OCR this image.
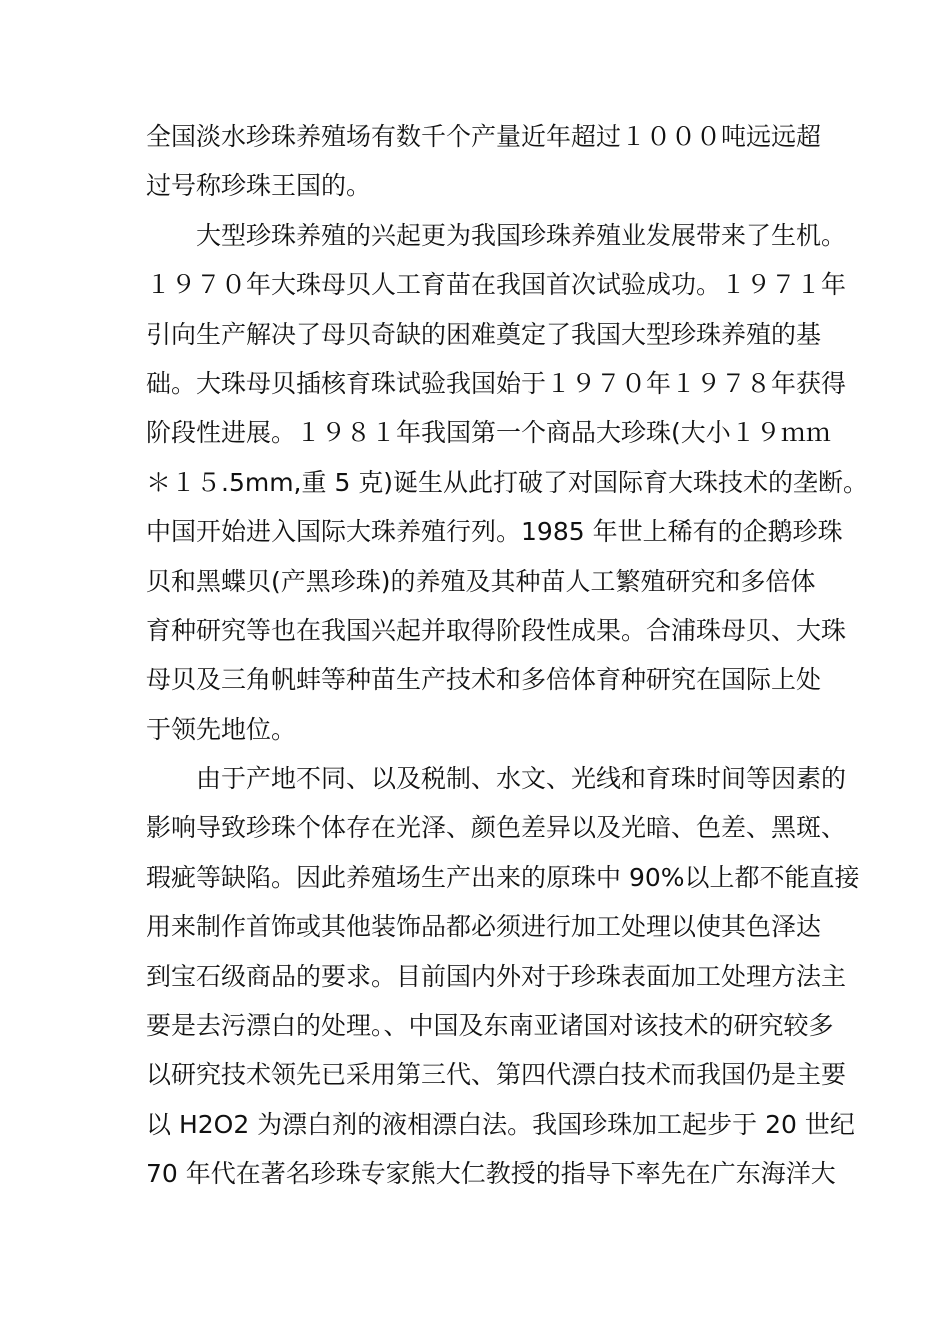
全国淡水珍珠养殖场有数千个产量近年超过１０００吨远远超
过号称珍珠王国的。
　　大型珍珠养殖的兴起更为我国珍珠养殖业发展带来了生机。
１９７０年大珠母贝人工育苗在我国首次试验成功。１９７１年
引向生产解决了母贝奇缺的困难奠定了我国大型珍珠养殖的基
础。大珠母贝插核育珠试验我国始于１９７０年１９７８年获得
阶段性进展。１９８１年我国第一个商品大珍珠(大小１９ｍｍ
＊１５.5mm,重 5 克)诞生从此打破了对国际育大珠技术的垄断。
中国开始进入国际大珠养殖行列。1985 年世上稀有的企鹅珍珠
贝和黑蝶贝(产黑珍珠)的养殖及其种苗人工繁殖研究和多倍体
育种研究等也在我国兴起并取得阶段性成果。合浦珠母贝、大珠
母贝及三角帆蚌等种苗生产技术和多倍体育种研究在国际上处
于领先地位。
　　由于产地不同、以及税制、水文、光线和育珠时间等因素的
影响导致珍珠个体存在光泽、颜色差异以及光暗、色差、黑斑、
瑕疵等缺陷。因此养殖场生产出来的原珠中 90%以上都不能直接
用来制作首饰或其他装饰品都必须进行加工处理以使其色泽达
到宝石级商品的要求。目前国内外对于珍珠表面加工处理方法主
要是去污漂白的处理。、中国及东南亚诸国对该技术的研究较多
以研究技术领先已采用第三代、第四代漂白技术而我国仍是主要
以 H2O2 为漂白剂的液相漂白法。我国珍珠加工起步于 20 世纪
70 年代在著名珍珠专家熊大仁教授的指导下率先在广东海洋大
